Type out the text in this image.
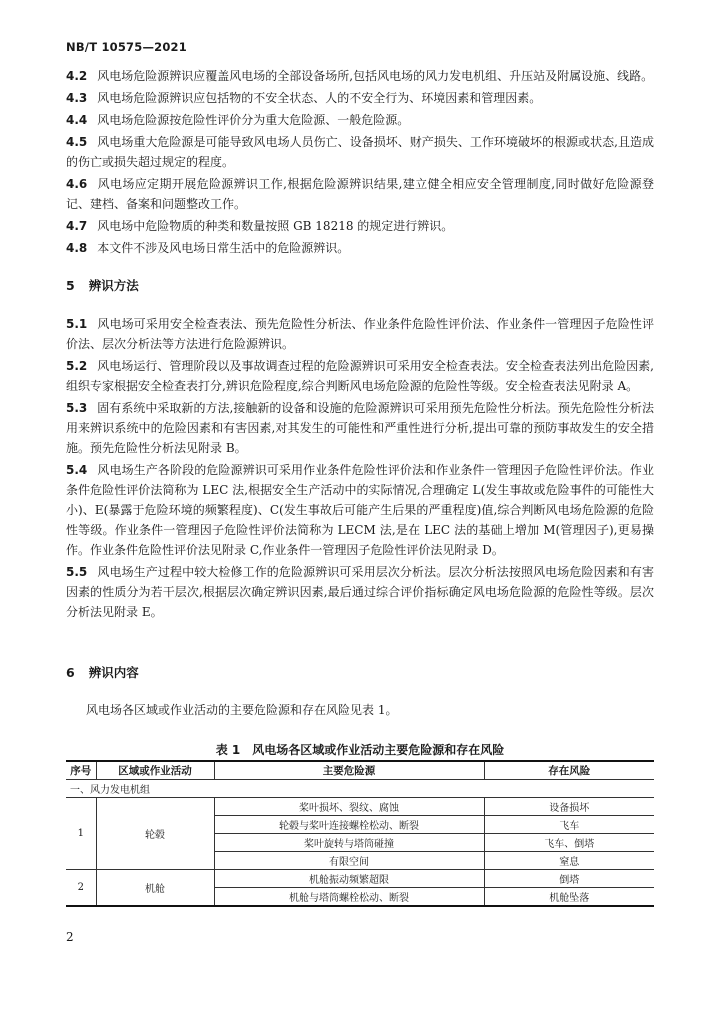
NB/T 10575—2021

4.2 风电场危险源辨识应覆盖风电场的全部设备场所,包括风电场的风力发电机组、升压站及附属设施、线路。

4.3 风电场危险源辨识应包括物的不安全状态、人的不安全行为、环境因素和管理因素。

4.4 风电场危险源按危险性评价分为重大危险源、一般危险源。

4.5 风电场重大危险源是可能导致风电场人员伤亡、设备损坏、财产损失、工作环境破坏的根源或状态,且造成的伤亡或损失超过规定的程度。

4.6 风电场应定期开展危险源辨识工作,根据危险源辨识结果,建立健全相应安全管理制度,同时做好危险源登记、建档、备案和问题整改工作。

4.7 风电场中危险物质的种类和数量按照 GB 18218 的规定进行辨识。

4.8 本文件不涉及风电场日常生活中的危险源辨识。

5 辨识方法

5.1 风电场可采用安全检查表法、预先危险性分析法、作业条件危险性评价法、作业条件一管理因子危险性评价法、层次分析法等方法进行危险源辨识。

5.2 风电场运行、管理阶段以及事故调查过程的危险源辨识可采用安全检查表法。安全检查表法列出危险因素,组织专家根据安全检查表打分,辨识危险程度,综合判断风电场危险源的危险性等级。安全检查表法见附录 A。

5.3 固有系统中采取新的方法,接触新的设备和设施的危险源辨识可采用预先危险性分析法。预先危险性分析法用来辨识系统中的危险因素和有害因素,对其发生的可能性和严重性进行分析,提出可靠的预防事故发生的安全措施。预先危险性分析法见附录 B。

5.4 风电场生产各阶段的危险源辨识可采用作业条件危险性评价法和作业条件一管理因子危险性评价法。作业条件危险性评价法简称为 LEC 法,根据安全生产活动中的实际情况,合理确定 L(发生事故或危险事件的可能性大小)、E(暴露于危险环境的频繁程度)、C(发生事故后可能产生后果的严重程度)值,综合判断风电场危险源的危险性等级。作业条件一管理因子危险性评价法简称为 LECM 法,是在 LEC 法的基础上增加 M(管理因子),更易操作。作业条件危险性评价法见附录 C,作业条件一管理因子危险性评价法见附录 D。

5.5 风电场生产过程中较大检修工作的危险源辨识可采用层次分析法。层次分析法按照风电场危险因素和有害因素的性质分为若干层次,根据层次确定辨识因素,最后通过综合评价指标确定风电场危险源的危险性等级。层次分析法见附录 E。

6 辨识内容
风电场各区域或作业活动的主要危险源和存在风险见表 1。
表 1　风电场各区域或作业活动主要危险源和存在风险
序号	区域或作业活动	主要危险源	存在风险
一、风力发电机组			
1	轮毂	桨叶损坏、裂纹、腐蚀	设备损坏
		轮毂与桨叶连接螺栓松动、断裂	飞车
		桨叶旋转与塔筒碰撞	飞车、倒塔
		有限空间	窒息
2	机舱	机舱振动频繁超限	倒塔
		机舱与塔筒螺栓松动、断裂	机舱坠落
2
